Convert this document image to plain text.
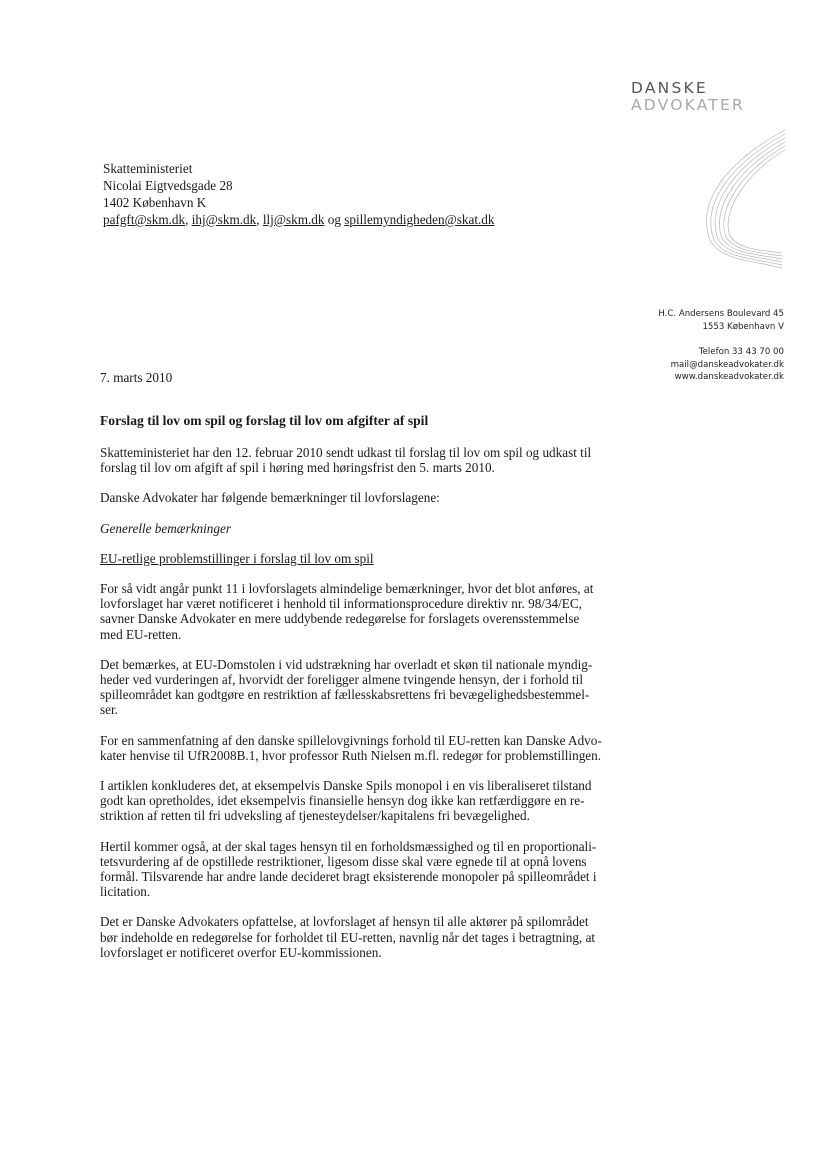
DANSKE
ADVOKATER
Skatteministeriet
Nicolai Eigtvedsgade 28
1402 København K
pafgft@skm.dk, ihj@skm.dk, llj@skm.dk og spillemyndigheden@skat.dk
H.C. Andersens Boulevard 45
1553 København V
Telefon 33 43 70 00
mail@danskeadvokater.dk
www.danskeadvokater.dk
7. marts 2010
Forslag til lov om spil og forslag til lov om afgifter af spil

Skatteministeriet har den 12. februar 2010 sendt udkast til forslag til lov om spil og udkast til
forslag til lov om afgift af spil i høring med høringsfrist den 5. marts 2010.

Danske Advokater har følgende bemærkninger til lovforslagene:

Generelle bemærkninger

EU-retlige problemstillinger i forslag til lov om spil

For så vidt angår punkt 11 i lovforslagets almindelige bemærkninger, hvor det blot anføres, at
lovforslaget har været notificeret i henhold til informationsprocedure direktiv nr. 98/34/EC,
savner Danske Advokater en mere uddybende redegørelse for forslagets overensstemmelse
med EU-retten.

Det bemærkes, at EU-Domstolen i vid udstrækning har overladt et skøn til nationale myndig-
heder ved vurderingen af, hvorvidt der foreligger almene tvingende hensyn, der i forhold til
spilleområdet kan godtgøre en restriktion af fællesskabsrettens fri bevægelighedsbestemmel-
ser.

For en sammenfatning af den danske spillelovgivnings forhold til EU-retten kan Danske Advo-
kater henvise til UfR2008B.1, hvor professor Ruth Nielsen m.fl. redegør for problemstillingen.

I artiklen konkluderes det, at eksempelvis Danske Spils monopol i en vis liberaliseret tilstand
godt kan opretholdes, idet eksempelvis finansielle hensyn dog ikke kan retfærdiggøre en re-
striktion af retten til fri udveksling af tjenesteydelser/kapitalens fri bevægelighed.

Hertil kommer også, at der skal tages hensyn til en forholdsmæssighed og til en proportionali-
tetsvurdering af de opstillede restriktioner, ligesom disse skal være egnede til at opnå lovens
formål. Tilsvarende har andre lande decideret bragt eksisterende monopoler på spilleområdet i
licitation.

Det er Danske Advokaters opfattelse, at lovforslaget af hensyn til alle aktører på spilområdet
bør indeholde en redegørelse for forholdet til EU-retten, navnlig når det tages i betragtning, at
lovforslaget er notificeret overfor EU-kommissionen.
